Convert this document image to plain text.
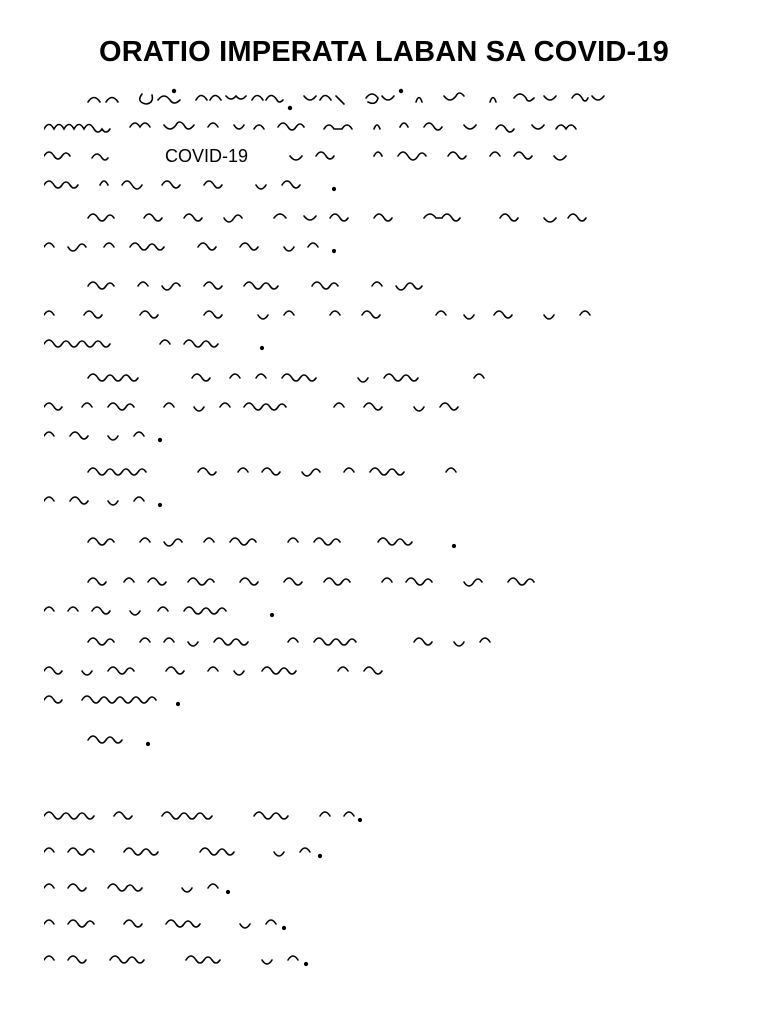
ORATIO IMPERATA LABAN SA COVID-19
COVID-19
